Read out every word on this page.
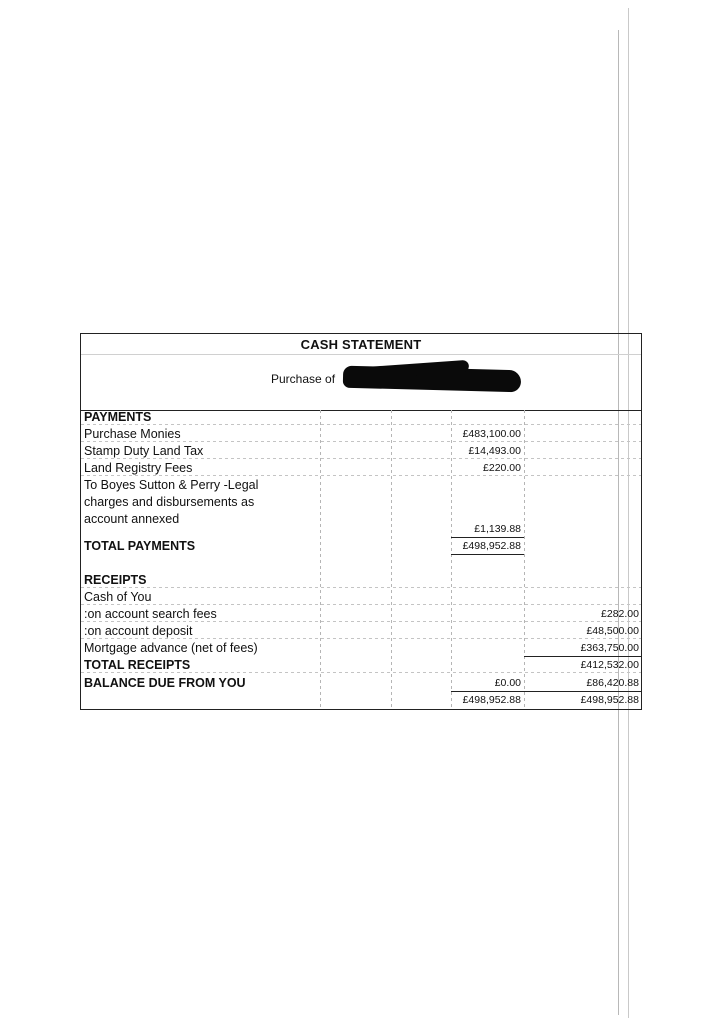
CASH STATEMENT
Purchase of
PAYMENTS
Purchase Monies	£483,100.00
Stamp Duty Land Tax	£14,493.00
Land Registry Fees	£220.00
To Boyes Sutton & Perry -Legal
charges and disbursements as
account annexed
£1,139.88
TOTAL PAYMENTS	£498,952.88
RECEIPTS
Cash of You
:on account search fees	£282.00
:on account deposit	£48,500.00
Mortgage advance (net of fees)	£363,750.00
TOTAL RECEIPTS	£412,532.00
BALANCE DUE FROM YOU	£0.00	£86,420.88
£498,952.88	£498,952.88
